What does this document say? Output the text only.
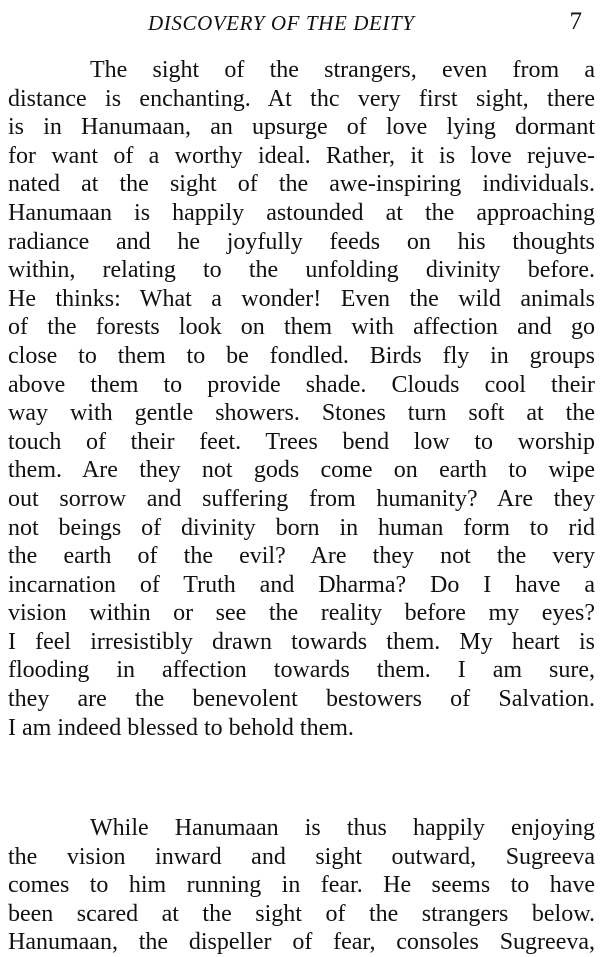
DISCOVERY OF THE DEITY	7
The sight of the strangers, even from a
distance is enchanting. At thc very first sight, there
is in Hanumaan, an upsurge of love lying dormant
for want of a worthy ideal. Rather, it is love rejuve-
nated at the sight of the awe-inspiring individuals.
Hanumaan is happily astounded at the approaching
radiance and he joyfully feeds on his thoughts
within, relating to the unfolding divinity before.
He thinks: What a wonder! Even the wild animals
of the forests look on them with affection and go
close to them to be fondled. Birds fly in groups
above them to provide shade. Clouds cool their
way with gentle showers. Stones turn soft at the
touch of their feet. Trees bend low to worship
them. Are they not gods come on earth to wipe
out sorrow and suffering from humanity? Are they
not beings of divinity born in human form to rid
the earth of the evil? Are they not the very
incarnation of Truth and Dharma? Do I have a
vision within or see the reality before my eyes?
I feel irresistibly drawn towards them. My heart is
flooding in affection towards them. I am sure,
they are the benevolent bestowers of Salvation.
I am indeed blessed to behold them.
While Hanumaan is thus happily enjoying
the vision inward and sight outward, Sugreeva
comes to him running in fear. He seems to have
been scared at the sight of the strangers below.
Hanumaan, the dispeller of fear, consoles Sugreeva,
